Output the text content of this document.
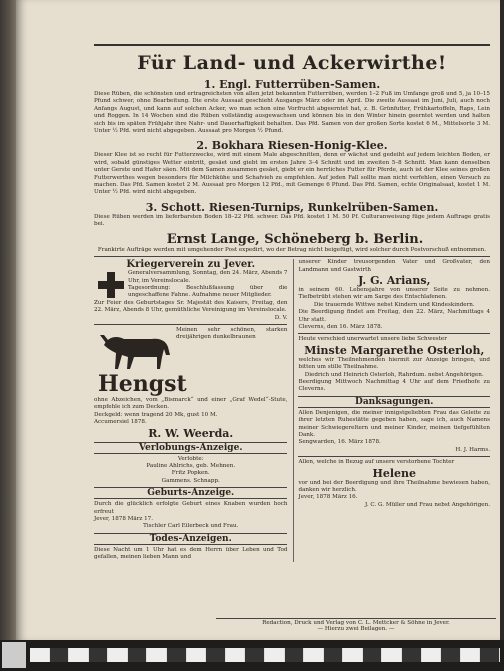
Für Land- und Ackerwirthe!
1. Engl. Futterrüben-Samen.

Diese Rüben, die schönsten und ertragreichsten von allen jetzt bekannten Futterrüben, werden 1–2 Fuß im Umfange groß und 5, ja 10–15 Pfund schwer, ohne Bearbeitung. Die erste Aussaat geschieht Ausgangs März oder im April. Die zweite Aussaat im Juni, Juli, auch noch Anfangs August, und kann auf solchen Acker, wo man schon eine Vorfrucht abgeerntet hat, z. B. Grünfutter, Frühkartoffeln, Raps, Lein und Roggen. In 14 Wochen sind die Rüben vollständig ausgewachsen und können bis in den Winter hinein geerntet werden und halten sich bis im späten Frühjahr ihre Nahr- und Dauerhaftigkeit behalten. Das Pfd. Samen von der großen Sorte kostet 6 M., Mittelsorte 3 M. Unter ½ Pfd. wird nicht abgegeben. Aussaat pro Morgen ½ Pfund.

2. Bokhara Riesen-Honig-Klee.

Dieser Klee ist so recht für Futterzwecke, wird mit einem Male abgeschnitten, denn er wächst und gedeiht auf jedem leichten Boden, er wird, sobald günstiges Wetter eintritt, gesäet und giebt im ersten Jahre 3–4 Schnitt und im zweiten 5–8 Schnitt. Man kann denselben unter Gerste und Hafer säen. Mit dem Samen zusammen gesäet, giebt er ein herrliches Futter für Pferde, auch ist der Klee seines großen Futterwerthes wegen besonders für Milchkühe und Schafvieh zu empfehlen. Auf jeden Fall sollte man nicht verfehlen, einen Versuch zu machen. Das Pfd. Samen kostet 2 M. Aussaat pro Morgen 12 Pfd., mit Gemenge 6 Pfund. Das Pfd. Samen, echte Originalsaat, kostet 1 M. Unter ½ Pfd. wird nicht abgegeben.

3. Schott. Riesen-Turnips, Runkelrüben-Samen.

Diese Rüben werden im lieferbarsten Boden 18–22 Pfd. schwer. Das Pfd. kostet 1 M. 50 Pf. Culturanweisung füge jedem Auftrage gratis bei.

Ernst Lange, Schöneberg b. Berlin.

Frankirte Aufträge werden mit umgehender Post expedirt, wo der Betrag nicht beigefügt, wird solcher durch Postvorschuß entnommen.

Kriegerverein zu Jever.

Generalversammlung, Sonntag, den 24. März, Abends 7 Uhr, im Vereinslocale.

Tagesordnung: Beschlußfassung über die ungeschaffene Fahne. Aufnahme neuer Mitglieder.

Zur Feier des Geburtstages Sr. Majestät des Kaisers, Freitag, den 22. März, Abends 8 Uhr, gemüthliche Vereinigung im Vereinslocale.

D. V.

Meinen sehr schönen, starken dreijährigen dunkelbraunen

Hengst

ohne Abzeichen, vom „Bismarck“ und einer „Graf Wedel“-Stute, empfehle ich zum Decken.

Deckgeld: wenn tragend 20 Mk, gust 10 M.

Accumersiel 1878.

R. W. Weerda.
Verlobungs-Anzeige.

Verlobte:

Pauline Ahlrichs, geb. Mehnen.

Fritz Popken.

Gammens. Schnapp.

Geburts-Anzeige.

Durch die glücklich erfolgte Geburt eines Knaben wurden hoch erfreut

Jever, 1878 März 17.

Tischler Carl Eilerbeck und Frau.

Todes-Anzeigen.

Diese Nacht um 1 Uhr hat es dem Herrn über Leben und Tod gefallen, meinen lieben Mann und

unserer Kinder treusorgenden Vater und Großvater, den Landmann und Gastwirth

J. G. Arians,

in seinem 60. Lebensjahre von unserer Seite zu nehmen. Tiefbetrübt stehen wir am Sarge des Entschlafenen.

Die trauernde Wittwe nebst Kindern und Kindeskindern.

Die Beerdigung findet am Freitag, den 22. März, Nachmittags 4 Uhr statt.

Cleverns, den 16. März 1878.

Heute verschied unerwartet unsere liebe Schwester

Minste Margarethe Osterloh,

welches wir Theilnehmenden hiermit zur Anzeige bringen, und bitten um stille Theilnahme.

Diedrich und Heinrich Osterloh, Rahrdum. nebst Angehörigen.

Beerdigung Mittwoch Nachmittag 4 Uhr auf dem Friedhofe zu Cleverns.

Danksagungen.

Allen Denjenigen, die meiner innigstgeliebten Frau das Geleite zu ihrer letzten Ruhestätte gegeben haben, sage ich, auch Namens meiner Schwiegereltern und meiner Kinder, meinen tiefgefühlten Dank.

Sengwarden, 16. März 1878.

H. J. Harms.

Allen, welche in Bezug auf unsere verstorbene Tochter

Helene

vor und bei der Beerdigung und ihre Theilnahme bewiesen haben, danken wir herzlich.

Jever, 1878 März 16.

J. C. G. Müller und Frau nebst Angehörigen.

Redaction, Druck und Verlag von C. L. Mettcker & Söhne in Jever.
— Hierzu zwei Beilagen. —
